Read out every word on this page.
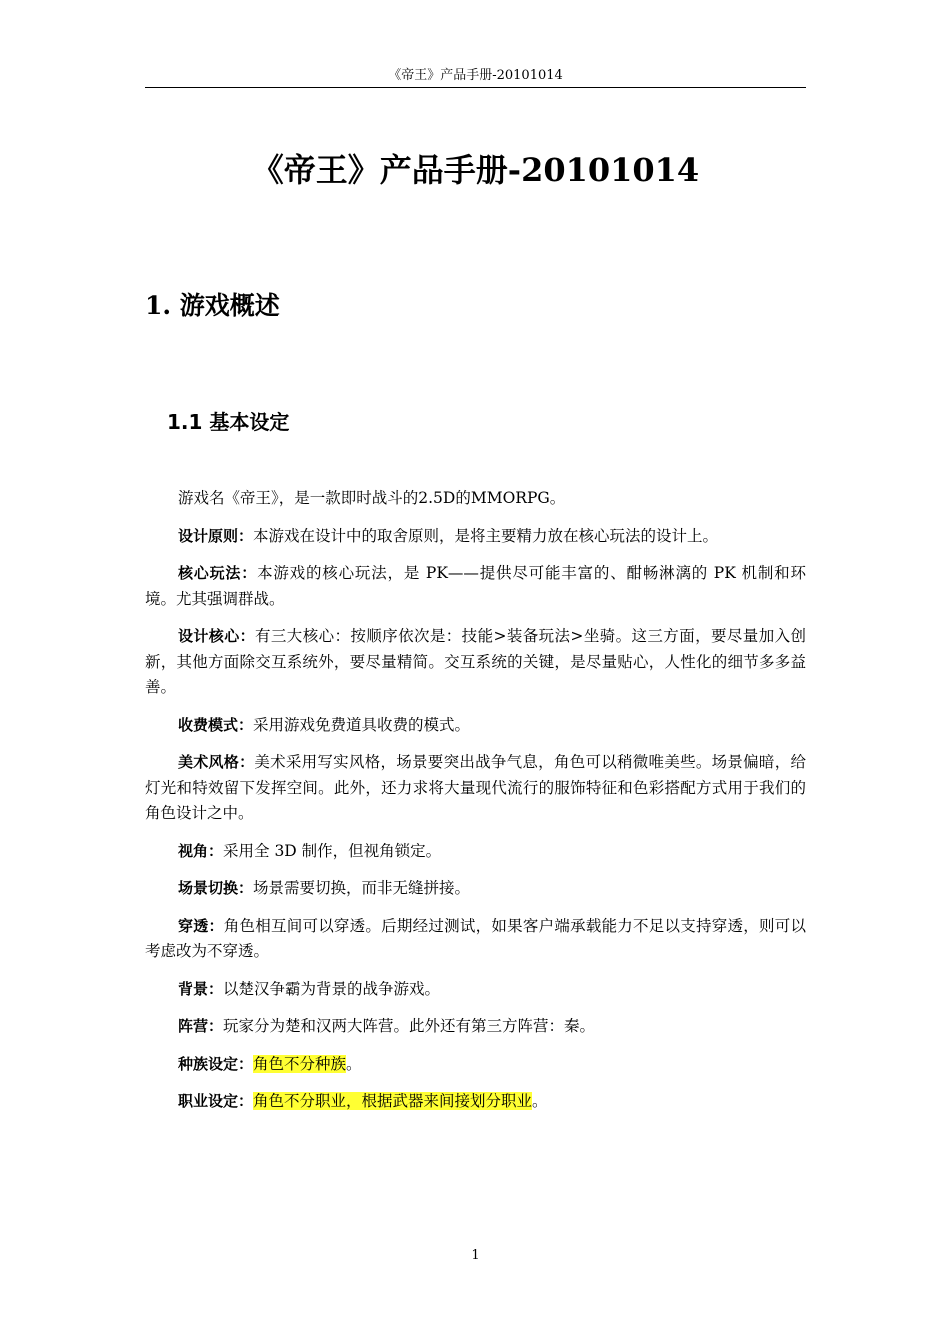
《帝王》产品手册-20101014
《帝王》产品手册-20101014
1. 游戏概述
1.1 基本设定

游戏名《帝王》，是一款即时战斗的2.5D的MMORPG。

设计原则：本游戏在设计中的取舍原则，是将主要精力放在核心玩法的设计上。

核心玩法：本游戏的核心玩法，是 PK——提供尽可能丰富的、酣畅淋漓的 PK 机制和环境。尤其强调群战。

设计核心：有三大核心：按顺序依次是：技能>装备玩法>坐骑。这三方面，要尽量加入创新，其他方面除交互系统外，要尽量精简。交互系统的关键，是尽量贴心，人性化的细节多多益善。

收费模式：采用游戏免费道具收费的模式。

美术风格：美术采用写实风格，场景要突出战争气息，角色可以稍微唯美些。场景偏暗，给灯光和特效留下发挥空间。此外，还力求将大量现代流行的服饰特征和色彩搭配方式用于我们的角色设计之中。

视角：采用全 3D 制作，但视角锁定。

场景切换：场景需要切换，而非无缝拼接。

穿透：角色相互间可以穿透。后期经过测试，如果客户端承载能力不足以支持穿透，则可以考虑改为不穿透。

背景：以楚汉争霸为背景的战争游戏。

阵营：玩家分为楚和汉两大阵营。此外还有第三方阵营：秦。

种族设定：角色不分种族。

职业设定：角色不分职业，根据武器来间接划分职业。

1
